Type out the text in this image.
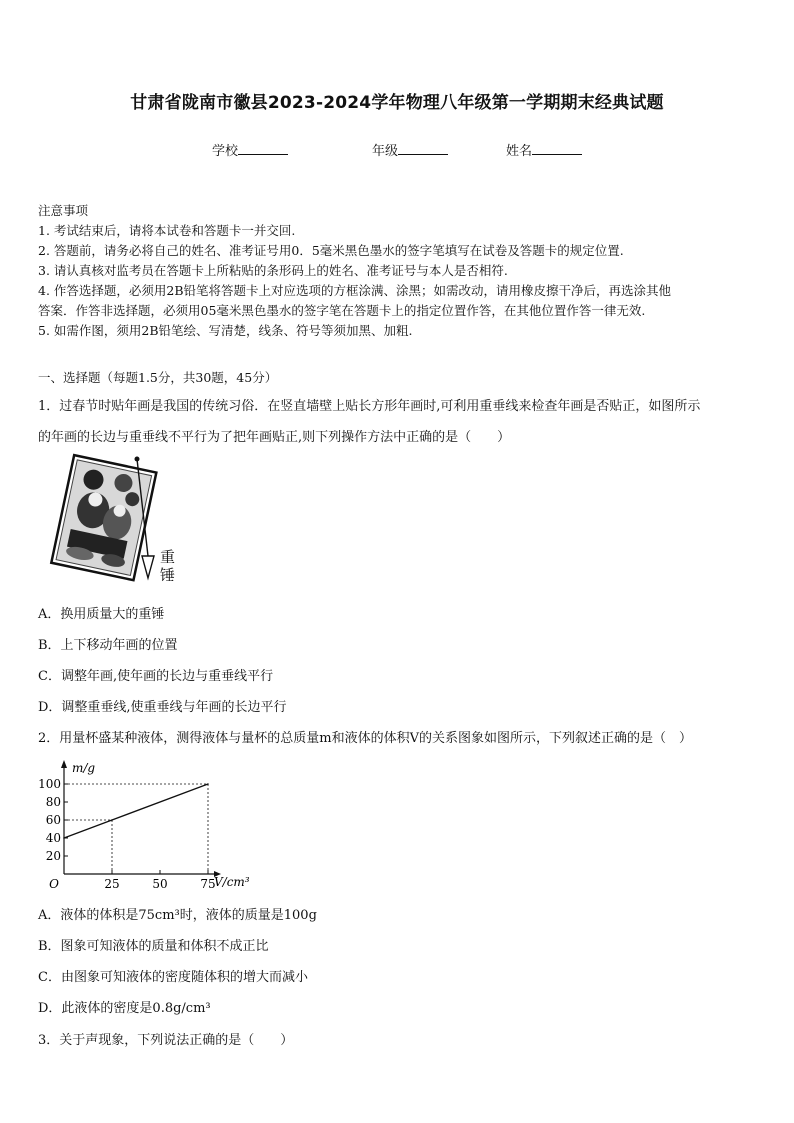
甘肃省陇南市徽县2023-2024学年物理八年级第一学期期末经典试题
学校	年级	姓名
注意事项
1. 考试结束后，请将本试卷和答题卡一并交回.
2. 答题前，请务必将自己的姓名、准考证号用0．5毫米黑色墨水的签字笔填写在试卷及答题卡的规定位置.
3. 请认真核对监考员在答题卡上所粘贴的条形码上的姓名、准考证号与本人是否相符.
4. 作答选择题，必须用2B铅笔将答题卡上对应选项的方框涂满、涂黑；如需改动，请用橡皮擦干净后，再选涂其他
答案．作答非选择题，必须用05毫米黑色墨水的签字笔在答题卡上的指定位置作答，在其他位置作答一律无效.
5. 如需作图，须用2B铅笔绘、写清楚，线条、符号等须加黑、加粗.
一、选择题（每题1.5分，共30题，45分）
1．过春节时贴年画是我国的传统习俗．在竖直墙壁上贴长方形年画时,可利用重垂线来检查年画是否贴正，如图所示
的年画的长边与重垂线不平行为了把年画贴正,则下列操作方法中正确的是（　　）
重
锤
A．换用质量大的重锤
B．上下移动年画的位置
C．调整年画,使年画的长边与重垂线平行
D．调整重垂线,使重垂线与年画的长边平行
2．用量杯盛某种液体，测得液体与量杯的总质量m和液体的体积V的关系图象如图所示，下列叙述正确的是（　）
20
40
60
80
100
25	50	75
O
m/g
V/cm³
A．液体的体积是75cm³时，液体的质量是100g
B．图象可知液体的质量和体积不成正比
C．由图象可知液体的密度随体积的增大而减小
D．此液体的密度是0.8g/cm³
3．关于声现象，下列说法正确的是（　　）
